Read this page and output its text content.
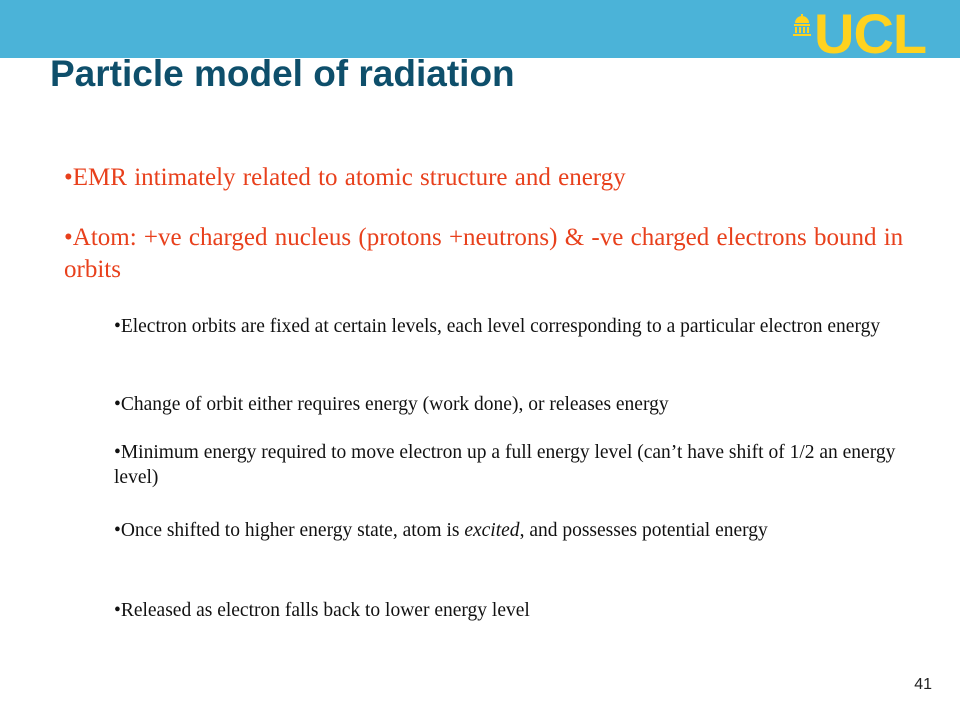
UCL
Particle model of radiation
•EMR intimately related to atomic structure and energy
•Atom: +ve charged nucleus (protons +neutrons) & -ve charged electrons bound in orbits
•Electron orbits are fixed at certain levels, each level corresponding to a particular electron energy
•Change of orbit either requires energy (work done), or releases energy
•Minimum energy required to move electron up a full energy level (can’t have shift of 1/2 an energy level)
•Once shifted to higher energy state, atom is excited, and possesses potential energy
•Released as electron falls back to lower energy level
41
